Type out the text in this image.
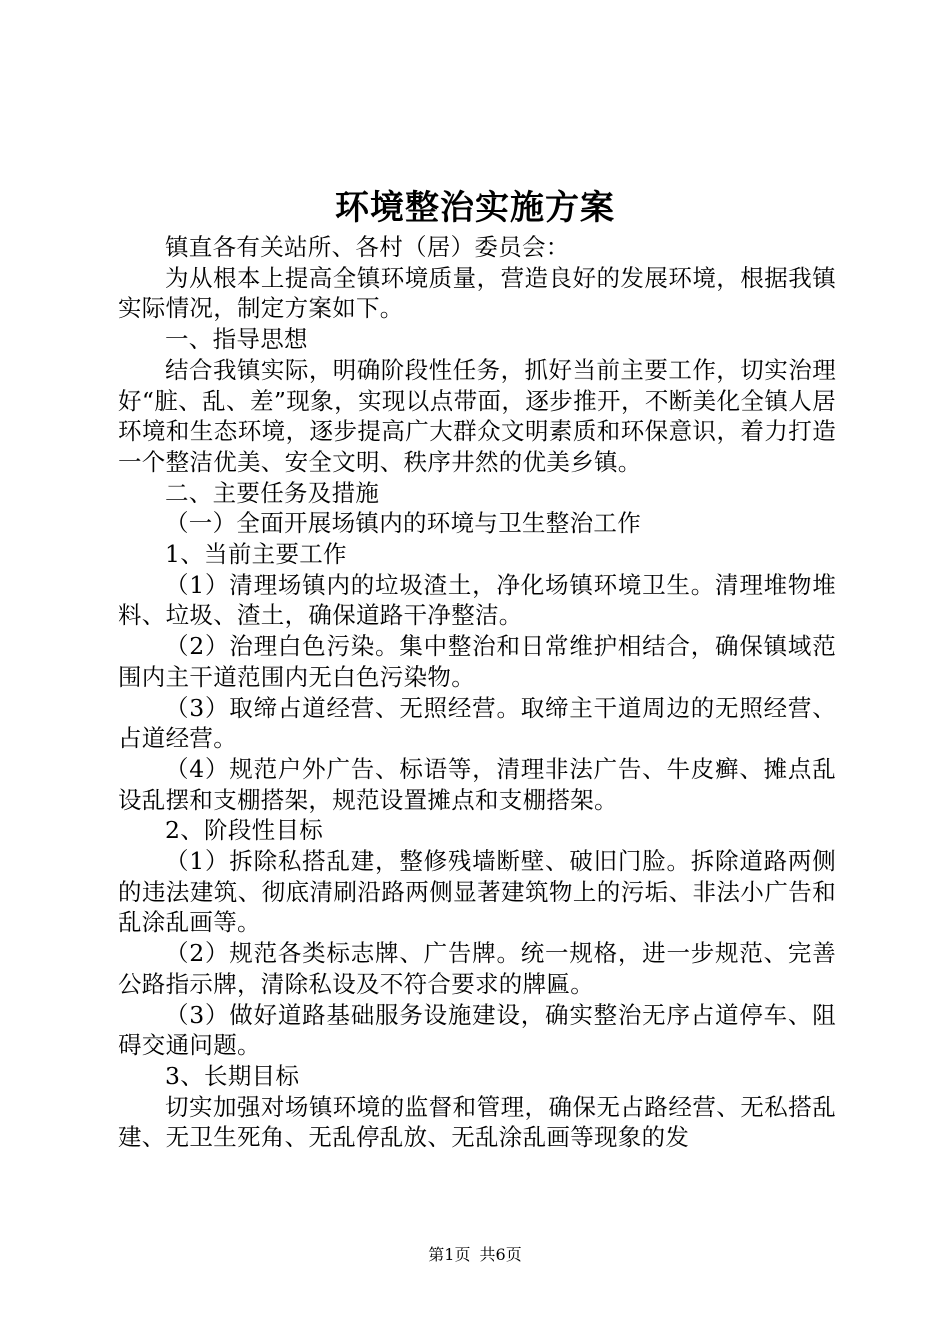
环境整治实施方案

镇直各有关站所、各村（居）委员会：

为从根本上提高全镇环境质量，营造良好的发展环境，根据我镇实际情况，制定方案如下。

一、指导思想

结合我镇实际，明确阶段性任务，抓好当前主要工作，切实治理好“脏、乱、差”现象，实现以点带面，逐步推开，不断美化全镇人居环境和生态环境，逐步提高广大群众文明素质和环保意识，着力打造一个整洁优美、安全文明、秩序井然的优美乡镇。

二、主要任务及措施

（一）全面开展场镇内的环境与卫生整治工作

1、当前主要工作

（1）清理场镇内的垃圾渣土，净化场镇环境卫生。清理堆物堆料、垃圾、渣土，确保道路干净整洁。

（2）治理白色污染。集中整治和日常维护相结合，确保镇域范围内主干道范围内无白色污染物。

（3）取缔占道经营、无照经营。取缔主干道周边的无照经营、占道经营。

（4）规范户外广告、标语等，清理非法广告、牛皮癣、摊点乱设乱摆和支棚搭架，规范设置摊点和支棚搭架。

2、阶段性目标

（1）拆除私搭乱建，整修残墙断壁、破旧门脸。拆除道路两侧的违法建筑、彻底清刷沿路两侧显著建筑物上的污垢、非法小广告和乱涂乱画等。

（2）规范各类标志牌、广告牌。统一规格，进一步规范、完善公路指示牌，清除私设及不符合要求的牌匾。

（3）做好道路基础服务设施建设，确实整治无序占道停车、阻碍交通问题。

3、长期目标

切实加强对场镇环境的监督和管理，确保无占路经营、无私搭乱建、无卫生死角、无乱停乱放、无乱涂乱画等现象的发

第1页 共6页
